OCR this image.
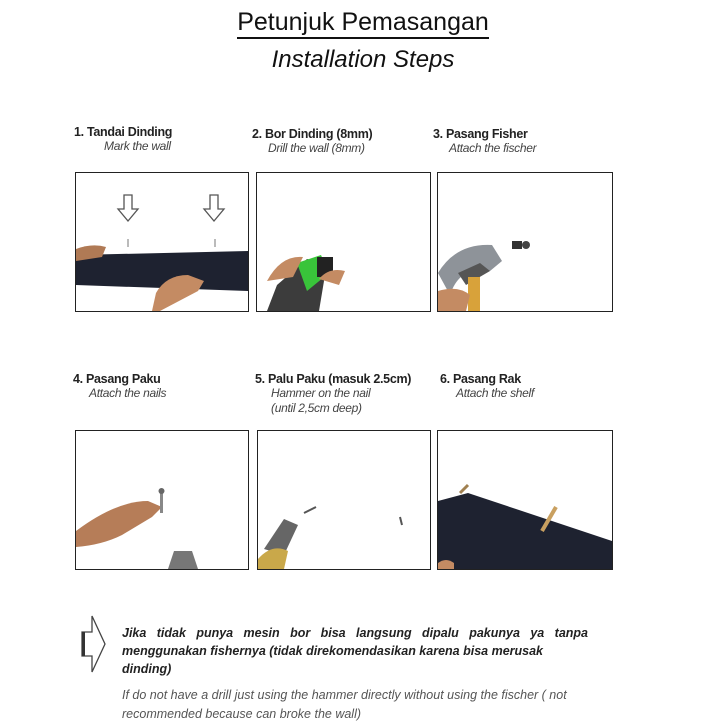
Petunjuk Pemasangan
Installation Steps
1. Tandai Dinding
Mark the wall
2. Bor Dinding (8mm)
Drill the wall (8mm)
3. Pasang Fisher
Attach the fischer
4. Pasang Paku
Attach the nails
5. Palu Paku (masuk 2.5cm)
Hammer on the nail
(until 2,5cm deep)
6. Pasang Rak
Attach the shelf
Jika tidak punya mesin bor bisa langsung dipalu pakunya ya tanpa
menggunakan fishernya (tidak direkomendasikan karena bisa merusak dinding)
If do not have a drill just using the hammer directly without using the fischer ( not recommended because can broke the wall)
